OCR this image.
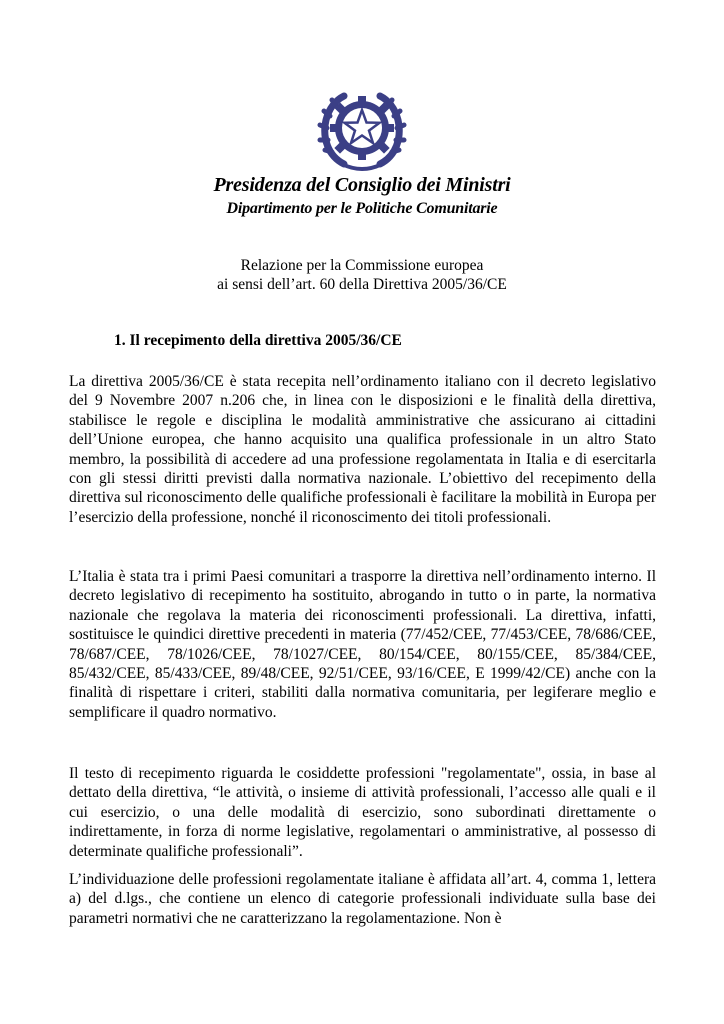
Presidenza del Consiglio dei Ministri
Dipartimento per le Politiche Comunitarie
Relazione per la Commissione europea
ai sensi dell’art. 60 della Direttiva 2005/36/CE
1. Il recepimento della direttiva 2005/36/CE
La direttiva 2005/36/CE è stata recepita nell’ordinamento italiano con il decreto legislativo del 9 Novembre 2007 n.206 che, in linea con le disposizioni e le finalità della direttiva, stabilisce le regole e disciplina le modalità amministrative che assicurano ai cittadini dell’Unione europea, che hanno acquisito una qualifica professionale in un altro Stato membro, la possibilità di accedere ad una professione regolamentata in Italia e di esercitarla con gli stessi diritti previsti dalla normativa nazionale. L’obiettivo del recepimento della direttiva sul riconoscimento delle qualifiche professionali è facilitare la mobilità in Europa per l’esercizio della professione, nonché il riconoscimento dei titoli professionali.
L’Italia è stata tra i primi Paesi comunitari a trasporre la direttiva nell’ordinamento interno. Il decreto legislativo di recepimento ha sostituito, abrogando in tutto o in parte, la normativa nazionale che regolava la materia dei riconoscimenti professionali. La direttiva, infatti, sostituisce le quindici direttive precedenti in materia (77/452/CEE, 77/453/CEE, 78/686/CEE, 78/687/CEE, 78/1026/CEE, 78/1027/CEE, 80/154/CEE, 80/155/CEE, 85/384/CEE, 85/432/CEE, 85/433/CEE, 89/48/CEE, 92/51/CEE, 93/16/CEE, E 1999/42/CE) anche con la finalità di rispettare i criteri, stabiliti dalla normativa comunitaria, per legiferare meglio e semplificare il quadro normativo.
Il testo di recepimento riguarda le cosiddette professioni "regolamentate", ossia, in base al dettato della direttiva, “le attività, o insieme di attività professionali, l’accesso alle quali e il cui esercizio, o una delle modalità di esercizio, sono subordinati direttamente o indirettamente, in forza di norme legislative, regolamentari o amministrative, al possesso di determinate qualifiche professionali”.
L’individuazione delle professioni regolamentate italiane è affidata all’art. 4, comma 1, lettera a) del d.lgs., che contiene un elenco di categorie professionali individuate sulla base dei parametri normativi che ne caratterizzano la regolamentazione. Non è
